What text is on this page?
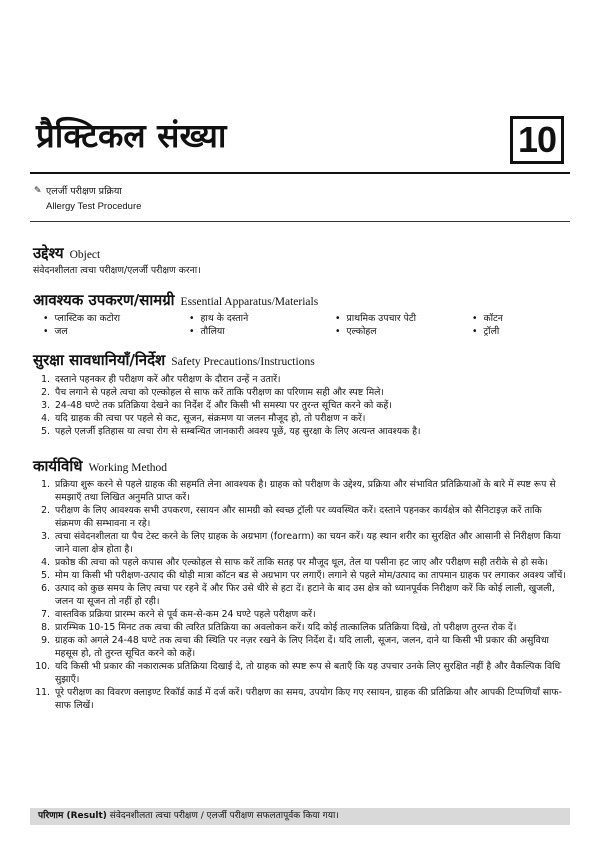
प्रैक्टिकल संख्या	10
✎ एलर्जी परीक्षण प्रक्रिया
Allergy Test Procedure
उद्देश्य Object
संवेदनशीलता त्वचा परीक्षण/एलर्जी परीक्षण करना।
आवश्यक उपकरण/सामग्री Essential Apparatus/Materials
• प्लास्टिक का कटोरा	• हाथ के दस्ताने	• प्राथमिक उपचार पेटी	• कॉटन
• जल	• तौलिया	• एल्कोहल	• ट्रॉली
सुरक्षा सावधानियाँ/निर्देश Safety Precautions/Instructions
1. दस्ताने पहनकर ही परीक्षण करें और परीक्षण के दौरान उन्हें न उतारें।
2. पैच लगाने से पहले त्वचा को एल्कोहल से साफ करें ताकि परीक्षण का परिणाम सही और स्पष्ट मिले।
3. 24-48 घण्टे तक प्रतिक्रिया देखने का निर्देश दें और किसी भी समस्या पर तुरन्त सूचित करने को कहें।
4. यदि ग्राहक की त्वचा पर पहले से कट, सूजन, संक्रमण या जलन मौजूद हो, तो परीक्षण न करें।
5. पहले एलर्जी इतिहास या त्वचा रोग से सम्बन्धित जानकारी अवश्य पूछें, यह सुरक्षा के लिए अत्यन्त आवश्यक है।
कार्यविधि Working Method
1. प्रक्रिया शुरू करने से पहले ग्राहक की सहमति लेना आवश्यक है। ग्राहक को परीक्षण के उद्देश्य, प्रक्रिया और संभावित प्रतिक्रियाओं के बारे में स्पष्ट रूप से समझाएँ तथा लिखित अनुमति प्राप्त करें।
2. परीक्षण के लिए आवश्यक सभी उपकरण, रसायन और सामग्री को स्वच्छ ट्रॉली पर व्यवस्थित करें। दस्ताने पहनकर कार्यक्षेत्र को सैनिटाइज़ करें ताकि संक्रमण की सम्भावना न रहे।
3. त्वचा संवेदनशीलता या पैच टेस्ट करने के लिए ग्राहक के अग्रभाग (forearm) का चयन करें। यह स्थान शरीर का सुरक्षित और आसानी से निरीक्षण किया जाने वाला क्षेत्र होता है।
4. प्रकोष्ठ की त्वचा को पहले कपास और एल्कोहल से साफ करें ताकि सतह पर मौजूद धूल, तेल या पसीना हट जाए और परीक्षण सही तरीके से हो सके।
5. मोम या किसी भी परीक्षण-उत्पाद की थोड़ी मात्रा कॉटन बड से अग्रभाग पर लगाएँ। लगाने से पहले मोम/उत्पाद का तापमान ग्राहक पर लगाकर अवश्य जाँचें।
6. उत्पाद को कुछ समय के लिए त्वचा पर रहने दें और फिर उसे धीरे से हटा दें। हटाने के बाद उस क्षेत्र को ध्यानपूर्वक निरीक्षण करें कि कोई लाली, खुजली, जलन या सूजन तो नहीं हो रही।
7. वास्तविक प्रक्रिया प्रारम्भ करने से पूर्व कम-से-कम 24 घण्टे पहले परीक्षण करें।
8. प्रारम्भिक 10-15 मिनट तक त्वचा की त्वरित प्रतिक्रिया का अवलोकन करें। यदि कोई तात्कालिक प्रतिक्रिया दिखे, तो परीक्षण तुरन्त रोक दें।
9. ग्राहक को अगले 24-48 घण्टे तक त्वचा की स्थिति पर नज़र रखने के लिए निर्देश दें। यदि लाली, सूजन, जलन, दाने या किसी भी प्रकार की असुविधा महसूस हो, तो तुरन्त सूचित करने को कहें।
10. यदि किसी भी प्रकार की नकारात्मक प्रतिक्रिया दिखाई दे, तो ग्राहक को स्पष्ट रूप से बताएँ कि यह उपचार उनके लिए सुरक्षित नहीं है और वैकल्पिक विधि सुझाएँ।
11. पूरे परीक्षण का विवरण क्लाइण्ट रिकॉर्ड कार्ड में दर्ज करें। परीक्षण का समय, उपयोग किए गए रसायन, ग्राहक की प्रतिक्रिया और आपकी टिप्पणियाँ साफ-साफ लिखें।
परिणाम (Result) संवेदनशीलता त्वचा परीक्षण / एलर्जी परीक्षण सफलतापूर्वक किया गया।
